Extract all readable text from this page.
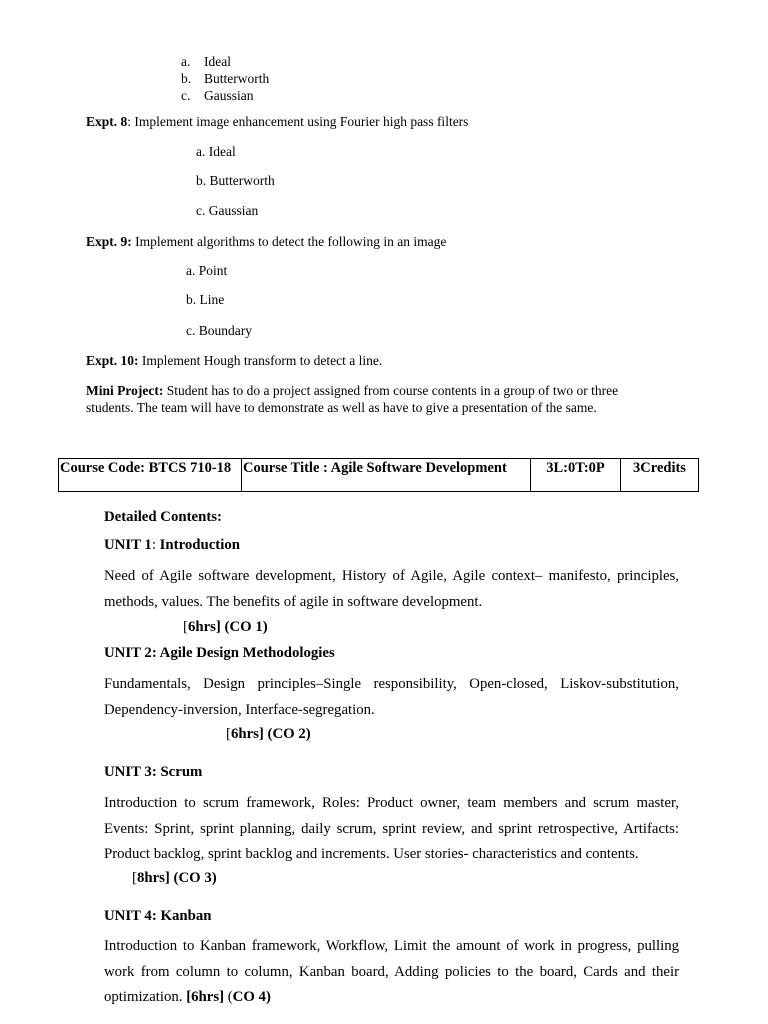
a. Ideal
b. Butterworth
c. Gaussian
Expt. 8: Implement image enhancement using Fourier high pass filters
a. Ideal
b. Butterworth
c. Gaussian
Expt. 9: Implement algorithms to detect the following in an image
a. Point
b. Line
c. Boundary
Expt. 10: Implement Hough transform to detect a line.
Mini Project: Student has to do a project assigned from course contents in a group of two or three
students. The team will have to demonstrate as well as have to give a presentation of the same.
Course Code: BTCS 710-18 Course Title : Agile Software Development	3L:0T:0P	3Credits
Detailed Contents:
UNIT 1: Introduction
Need of Agile software development, History of Agile, Agile context– manifesto, principles, methods, values. The benefits of agile in software development.
[6hrs] (CO 1)
UNIT 2: Agile Design Methodologies
Fundamentals, Design principles–Single responsibility, Open-closed, Liskov-substitution, Dependency-inversion, Interface-segregation.
[6hrs] (CO 2)
UNIT 3: Scrum
Introduction to scrum framework, Roles: Product owner, team members and scrum master, Events: Sprint, sprint planning, daily scrum, sprint review, and sprint retrospective, Artifacts: Product backlog, sprint backlog and increments. User stories- characteristics and contents.
[8hrs] (CO 3)
UNIT 4: Kanban
Introduction to Kanban framework, Workflow, Limit the amount of work in progress, pulling work from column to column, Kanban board, Adding policies to the board, Cards and their optimization. [6hrs] (CO 4)
